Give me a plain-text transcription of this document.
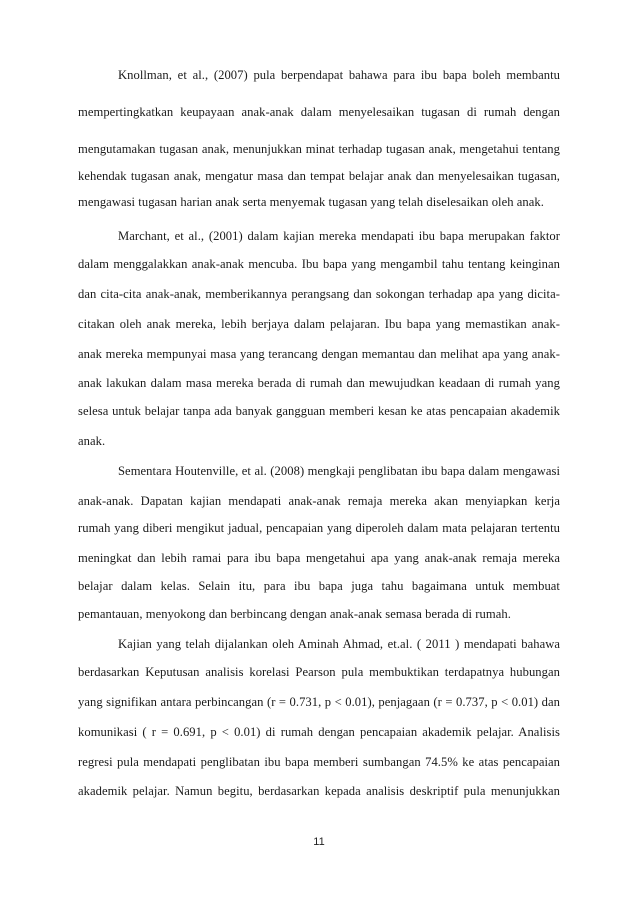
Knollman, et al., (2007) pula berpendapat bahawa para ibu bapa boleh membantu
mempertingkatkan keupayaan anak-anak dalam menyelesaikan tugasan di rumah dengan
mengutamakan tugasan anak, menunjukkan minat terhadap tugasan anak, mengetahui tentang
kehendak tugasan anak, mengatur masa dan tempat belajar anak dan menyelesaikan tugasan,
mengawasi tugasan harian anak serta menyemak tugasan yang telah diselesaikan oleh anak.
Marchant, et al., (2001) dalam kajian mereka mendapati ibu bapa merupakan faktor
dalam menggalakkan anak-anak mencuba. Ibu bapa yang mengambil tahu tentang keinginan
dan cita-cita anak-anak, memberikannya perangsang dan sokongan terhadap apa yang dicita-
citakan oleh anak mereka, lebih berjaya dalam pelajaran. Ibu bapa yang memastikan anak-
anak mereka mempunyai masa yang terancang dengan memantau dan melihat apa yang anak-
anak lakukan dalam masa mereka berada di rumah dan mewujudkan keadaan di rumah yang
selesa untuk belajar tanpa ada banyak gangguan memberi kesan ke atas pencapaian akademik
anak.
Sementara Houtenville, et al. (2008) mengkaji penglibatan ibu bapa dalam mengawasi
anak-anak. Dapatan kajian mendapati anak-anak remaja mereka akan menyiapkan kerja
rumah yang diberi mengikut jadual, pencapaian yang diperoleh dalam mata pelajaran tertentu
meningkat dan lebih ramai para ibu bapa mengetahui apa yang anak-anak remaja mereka
belajar dalam kelas. Selain itu, para ibu bapa juga tahu bagaimana untuk membuat
pemantauan, menyokong dan berbincang dengan anak-anak semasa berada di rumah.
Kajian yang telah dijalankan oleh Aminah Ahmad, et.al. ( 2011 ) mendapati bahawa
berdasarkan Keputusan analisis korelasi Pearson pula membuktikan terdapatnya hubungan
yang signifikan antara perbincangan (r = 0.731, p < 0.01), penjagaan (r = 0.737, p < 0.01) dan
komunikasi ( r = 0.691, p < 0.01) di rumah dengan pencapaian akademik pelajar. Analisis
regresi pula mendapati penglibatan ibu bapa memberi sumbangan 74.5% ke atas pencapaian
akademik pelajar. Namun begitu, berdasarkan kepada analisis deskriptif pula menunjukkan
11
